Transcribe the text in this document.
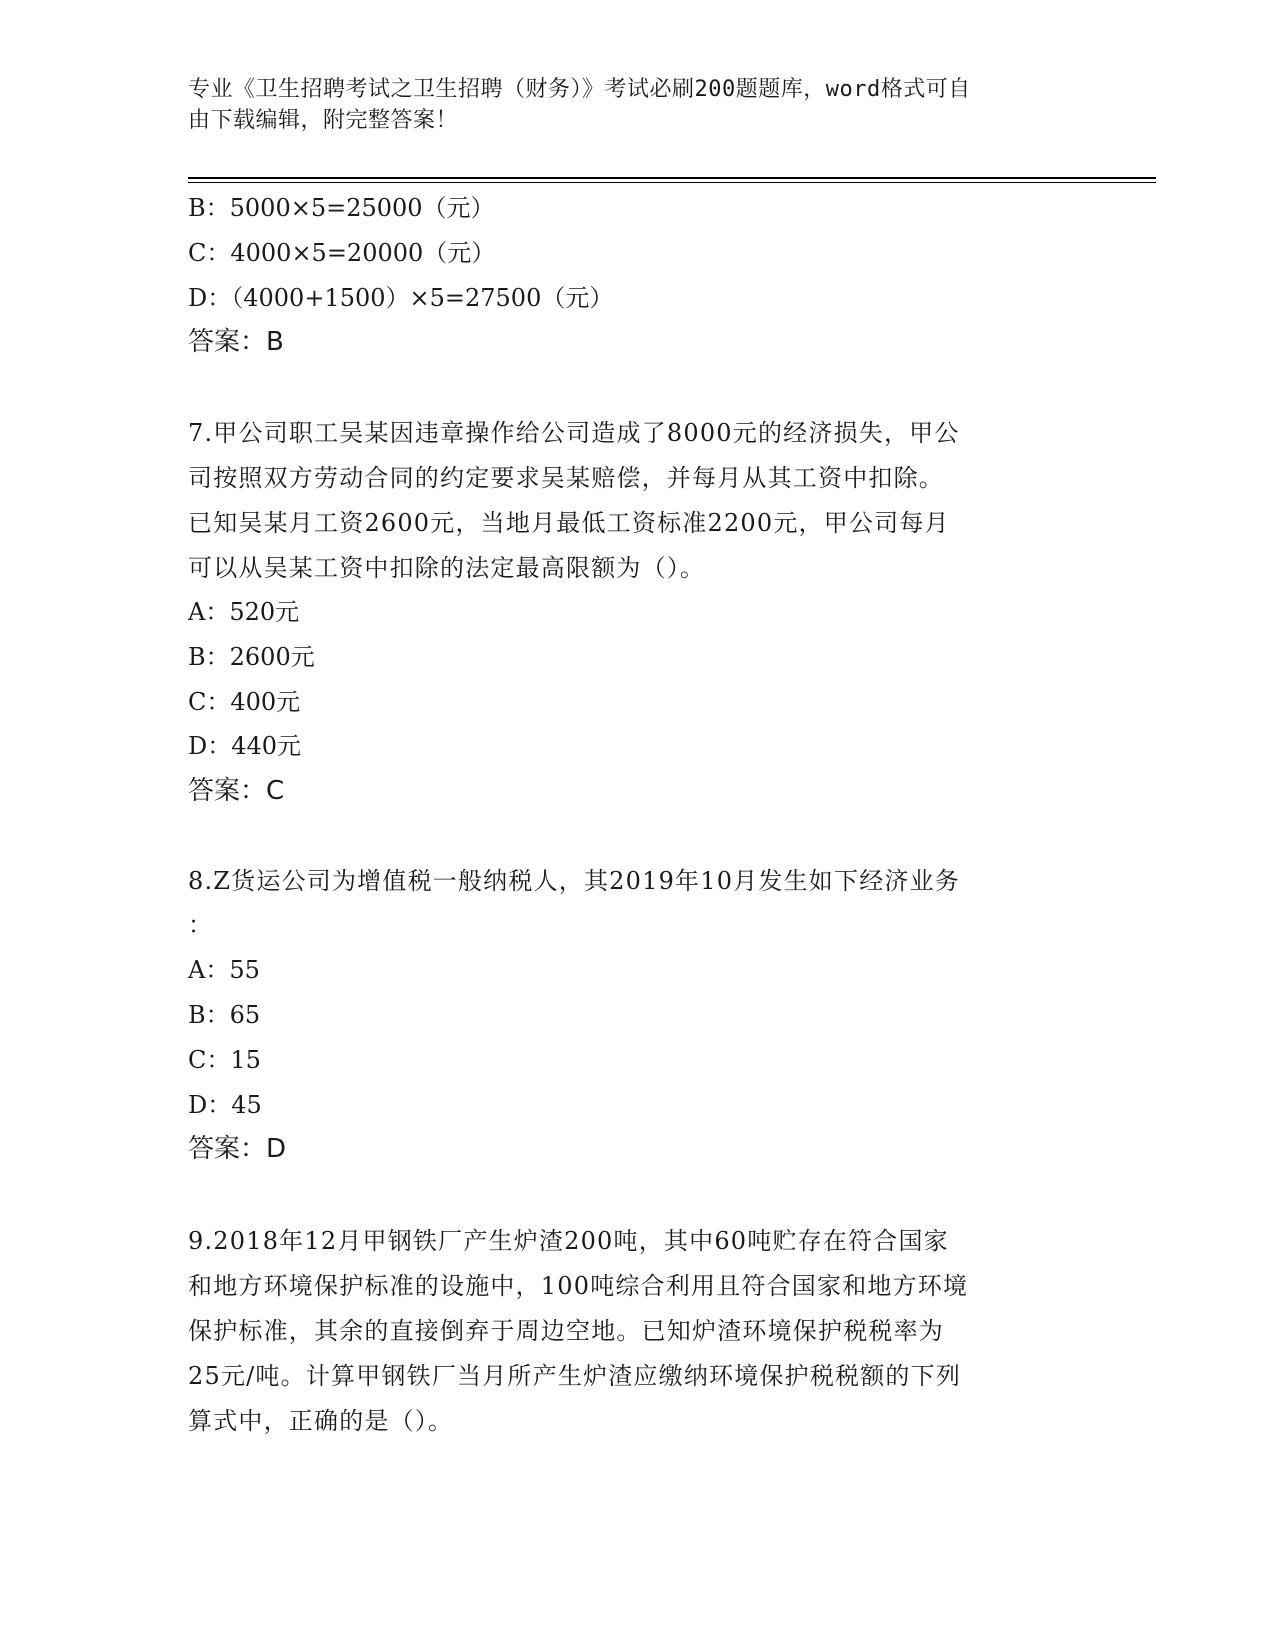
专业《卫生招聘考试之卫生招聘（财务）》考试必刷200题题库，word格式可自
由下载编辑，附完整答案！
B：5000×5=25000（元）
C：4000×5=20000（元）
D：（4000+1500）×5=27500（元）
答案：B
7.甲公司职工吴某因违章操作给公司造成了8000元的经济损失，甲公
司按照双方劳动合同的约定要求吴某赔偿，并每月从其工资中扣除。
已知吴某月工资2600元，当地月最低工资标准2200元，甲公司每月
可以从吴某工资中扣除的法定最高限额为（）。
A：520元
B：2600元
C：400元
D：440元
答案：C
8.Z货运公司为增值税一般纳税人，其2019年10月发生如下经济业务
：
A：55
B：65
C：15
D：45
答案：D
9.2018年12月甲钢铁厂产生炉渣200吨，其中60吨贮存在符合国家
和地方环境保护标准的设施中，100吨综合利用且符合国家和地方环境
保护标准，其余的直接倒弃于周边空地。已知炉渣环境保护税税率为
25元/吨。计算甲钢铁厂当月所产生炉渣应缴纳环境保护税税额的下列
算式中，正确的是（）。
